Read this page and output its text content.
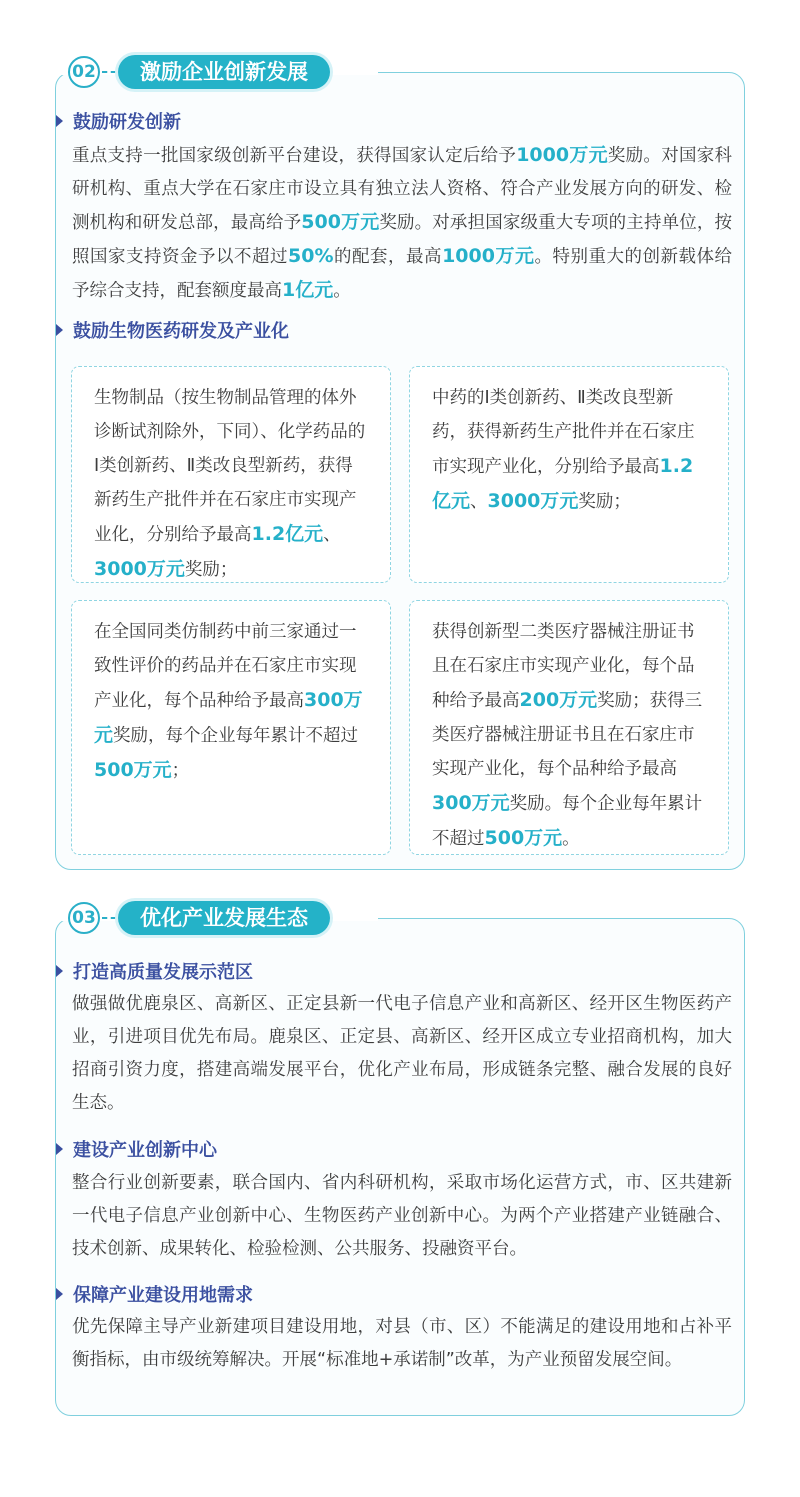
02	激励企业创新发展
鼓励研发创新
重点支持一批国家级创新平台建设，获得国家认定后给予1000万元奖励。对国家科研机构、重点大学在石家庄市设立具有独立法人资格、符合产业发展方向的研发、检测机构和研发总部，最高给予500万元奖励。对承担国家级重大专项的主持单位，按照国家支持资金予以不超过50%的配套，最高1000万元。特别重大的创新载体给予综合支持，配套额度最高1亿元。
鼓励生物医药研发及产业化
生物制品（按生物制品管理的体外诊断试剂除外，下同）、化学药品的Ⅰ类创新药、Ⅱ类改良型新药，获得新药生产批件并在石家庄市实现产业化，分别给予最高1.2亿元、3000万元奖励；
中药的Ⅰ类创新药、Ⅱ类改良型新药，获得新药生产批件并在石家庄市实现产业化，分别给予最高1.2亿元、3000万元奖励；
在全国同类仿制药中前三家通过一致性评价的药品并在石家庄市实现产业化，每个品种给予最高300万元奖励，每个企业每年累计不超过500万元；
获得创新型二类医疗器械注册证书且在石家庄市实现产业化，每个品种给予最高200万元奖励；获得三类医疗器械注册证书且在石家庄市实现产业化，每个品种给予最高300万元奖励。每个企业每年累计不超过500万元。
03	优化产业发展生态
打造高质量发展示范区
做强做优鹿泉区、高新区、正定县新一代电子信息产业和高新区、经开区生物医药产业，引进项目优先布局。鹿泉区、正定县、高新区、经开区成立专业招商机构，加大招商引资力度，搭建高端发展平台，优化产业布局，形成链条完整、融合发展的良好生态。
建设产业创新中心
整合行业创新要素，联合国内、省内科研机构，采取市场化运营方式，市、区共建新一代电子信息产业创新中心、生物医药产业创新中心。为两个产业搭建产业链融合、技术创新、成果转化、检验检测、公共服务、投融资平台。
保障产业建设用地需求
优先保障主导产业新建项目建设用地，对县（市、区）不能满足的建设用地和占补平衡指标，由市级统筹解决。开展“标准地+承诺制”改革，为产业预留发展空间。
